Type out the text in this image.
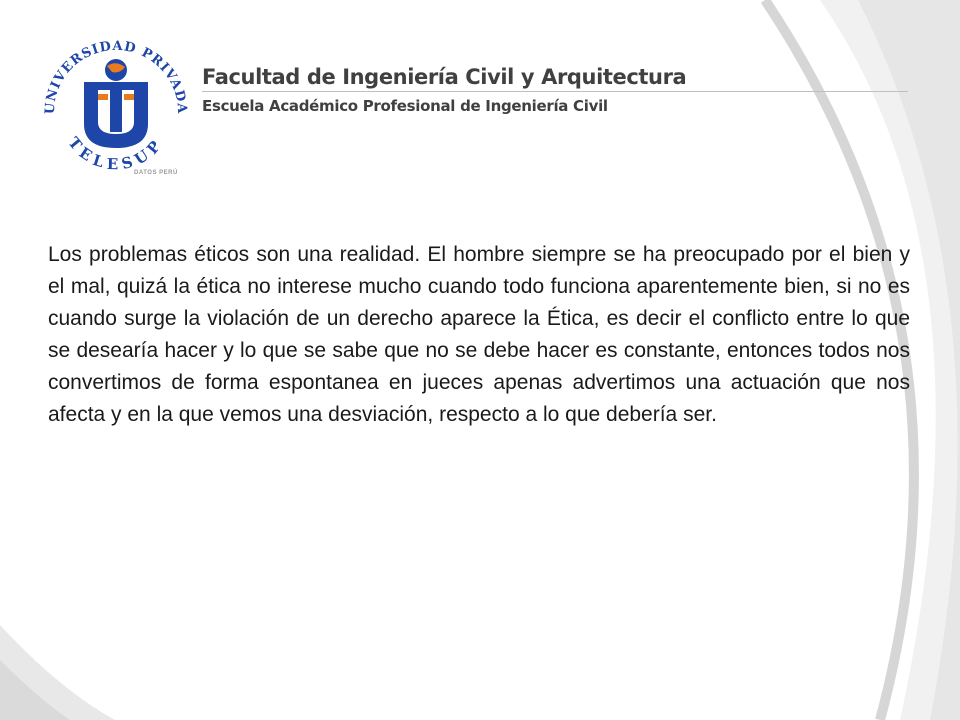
UNIVERSIDAD PRIVADA
TELESUP
DATOS PERÚ
Facultad de Ingeniería Civil y Arquitectura
Escuela Académico Profesional de Ingeniería Civil

Los problemas éticos son una realidad. El hombre siempre se ha preocupado por el bien y el mal, quizá la ética no interese mucho cuando todo funciona aparentemente bien, si no es cuando surge la violación de un derecho aparece la Ética, es decir el conflicto entre lo que se desearía hacer y lo que se sabe que no se debe hacer es constante, entonces todos nos convertimos de forma espontanea en jueces apenas advertimos una actuación que nos afecta y en la que vemos una desviación, respecto a lo que debería ser.
